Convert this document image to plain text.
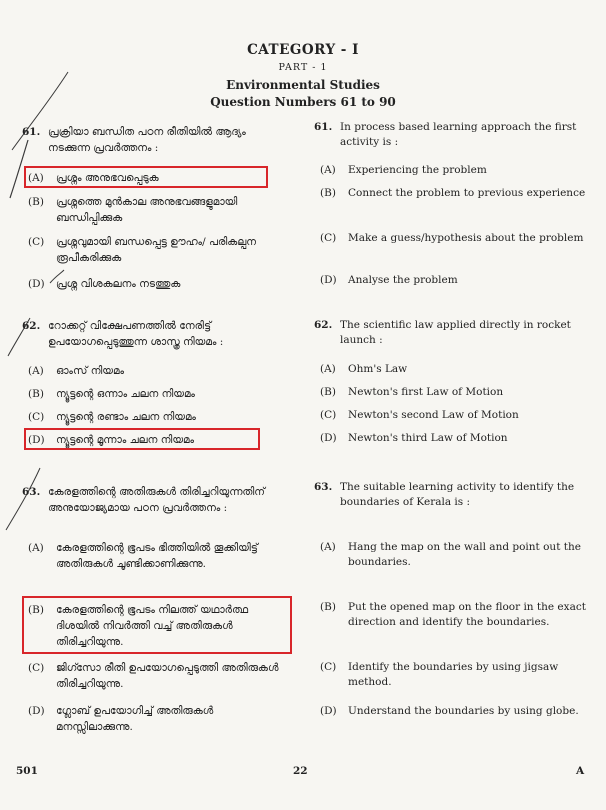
CATEGORY - I
PART - 1
Environmental Studies
Question Numbers 61 to 90
61. പ്രക്രിയാ ബന്ധിത പഠന രീതിയിൽ ആദ്യം നടക്കുന്ന പ്രവർത്തനം :
(A) പ്രശ്നം അനുഭവപ്പെടുക
(B) പ്രശ്നത്തെ മുൻകാല അനുഭവങ്ങളുമായി ബന്ധിപ്പിക്കുക
(C) പ്രശ്നവുമായി ബന്ധപ്പെട്ട ഊഹം/ പരികല്പന രൂപീകരിക്കുക
(D) പ്രശ്ന വിശകലനം നടത്തുക
62. റോക്കറ്റ് വിക്ഷേപണത്തിൽ നേരിട്ട് ഉപയോഗപ്പെടുത്തുന്ന ശാസ്ത്ര നിയമം :
(A) ഓംസ് നിയമം
(B) ന്യൂട്ടന്റെ ഒന്നാം ചലന നിയമം
(C) ന്യൂട്ടന്റെ രണ്ടാം ചലന നിയമം
(D) ന്യൂട്ടന്റെ മൂന്നാം ചലന നിയമം
63. കേരളത്തിന്റെ അതിരുകൾ തിരിച്ചറിയുന്നതിന് അനുയോജ്യമായ പഠന പ്രവർത്തനം :
(A) കേരളത്തിന്റെ ഭൂപടം ഭിത്തിയിൽ തൂക്കിയിട്ട് അതിരുകൾ ചൂണ്ടിക്കാണിക്കുന്നു.
(B) കേരളത്തിന്റെ ഭൂപടം നിലത്ത് യഥാർത്ഥ ദിശയിൽ നിവർത്തി വച്ച് അതിരുകൾ തിരിച്ചറിയുന്നു.
(C) ജിഗ്സോ രീതി ഉപയോഗപ്പെടുത്തി അതിരുകൾ തിരിച്ചറിയുന്നു.
(D) ഗ്ലോബ് ഉപയോഗിച്ച് അതിരുകൾ മനസ്സിലാക്കുന്നു.
61. In process based learning approach the first activity is :
(A) Experiencing the problem
(B) Connect the problem to previous experience
(C) Make a guess/hypothesis about the problem
(D) Analyse the problem
62. The scientific law applied directly in rocket launch :
(A) Ohm's Law
(B) Newton's first Law of Motion
(C) Newton's second Law of Motion
(D) Newton's third Law of Motion
63. The suitable learning activity to identify the boundaries of Kerala is :
(A) Hang the map on the wall and point out the boundaries.
(B) Put the opened map on the floor in the exact direction and identify the boundaries.
(C) Identify the boundaries by using jigsaw method.
(D) Understand the boundaries by using globe.
501	22	A
